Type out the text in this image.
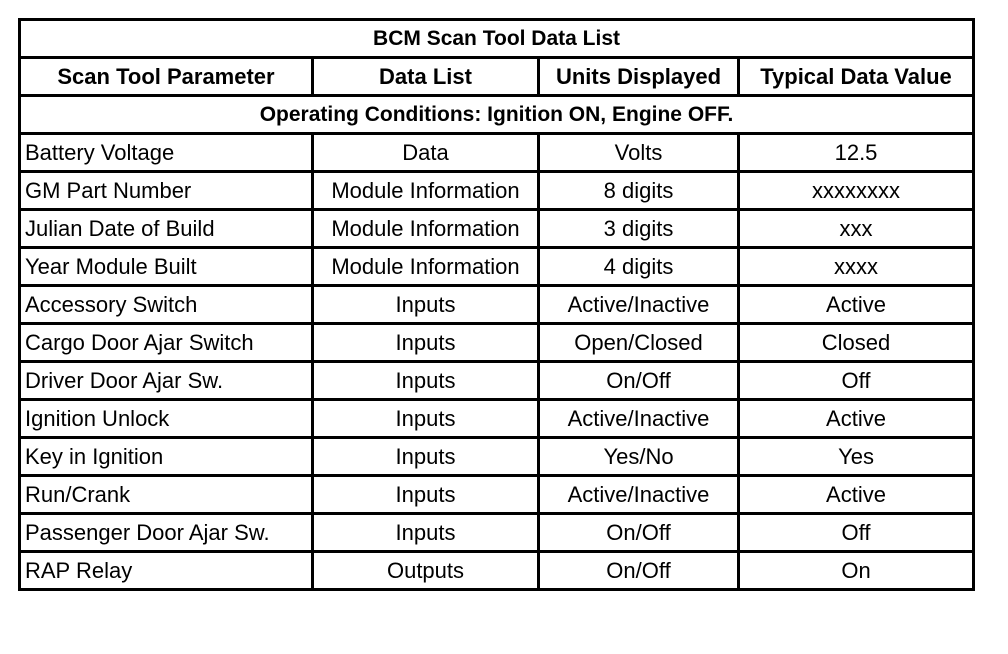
BCM Scan Tool Data List			
Scan Tool Parameter	Data List	Units Displayed	Typical Data Value
Operating Conditions: Ignition ON, Engine OFF.			
Battery Voltage	Data	Volts	12.5
GM Part Number	Module Information	8 digits	xxxxxxxx
Julian Date of Build	Module Information	3 digits	xxx
Year Module Built	Module Information	4 digits	xxxx
Accessory Switch	Inputs	Active/Inactive	Active
Cargo Door Ajar Switch	Inputs	Open/Closed	Closed
Driver Door Ajar Sw.	Inputs	On/Off	Off
Ignition Unlock	Inputs	Active/Inactive	Active
Key in Ignition	Inputs	Yes/No	Yes
Run/Crank	Inputs	Active/Inactive	Active
Passenger Door Ajar Sw.	Inputs	On/Off	Off
RAP Relay	Outputs	On/Off	On
